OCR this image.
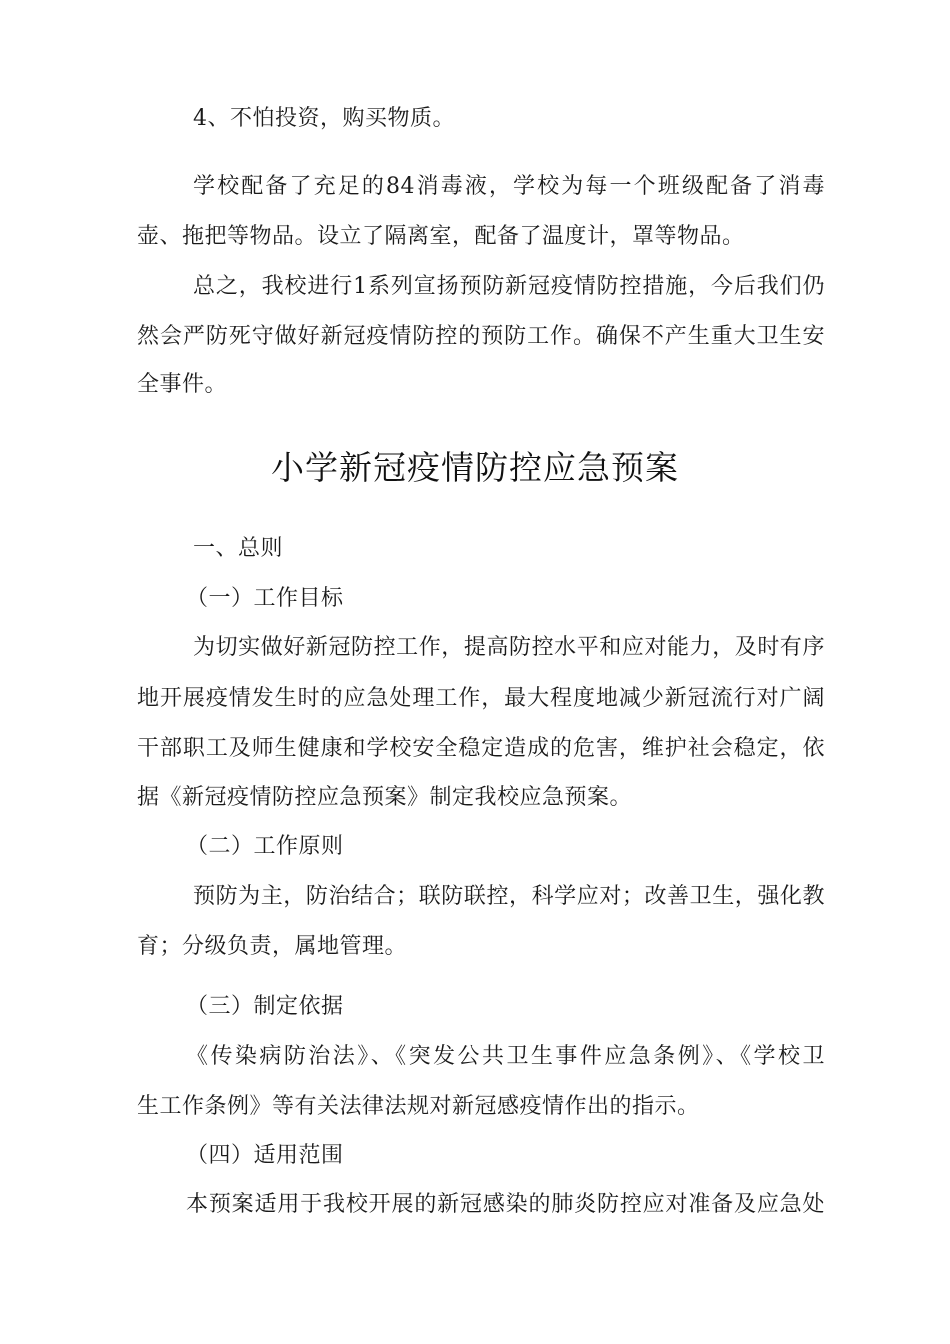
4、不怕投资，购买物质。
学校配备了充足的84消毒液，学校为每一个班级配备了消毒
壶、拖把等物品。设立了隔离室，配备了温度计，罩等物品。
总之，我校进行1系列宣扬预防新冠疫情防控措施，今后我们仍
然会严防死守做好新冠疫情防控的预防工作。确保不产生重大卫生安
全事件。
小学新冠疫情防控应急预案
一、总则
（一）工作目标
为切实做好新冠防控工作，提高防控水平和应对能力，及时有序
地开展疫情发生时的应急处理工作，最大程度地减少新冠流行对广阔
干部职工及师生健康和学校安全稳定造成的危害，维护社会稳定，依
据《新冠疫情防控应急预案》制定我校应急预案。
（二）工作原则
预防为主，防治结合；联防联控，科学应对；改善卫生，强化教
育；分级负责，属地管理。
（三）制定依据
《传染病防治法》、《突发公共卫生事件应急条例》、《学校卫
生工作条例》等有关法律法规对新冠感疫情作出的指示。
（四）适用范围
本预案适用于我校开展的新冠感染的肺炎防控应对准备及应急处
